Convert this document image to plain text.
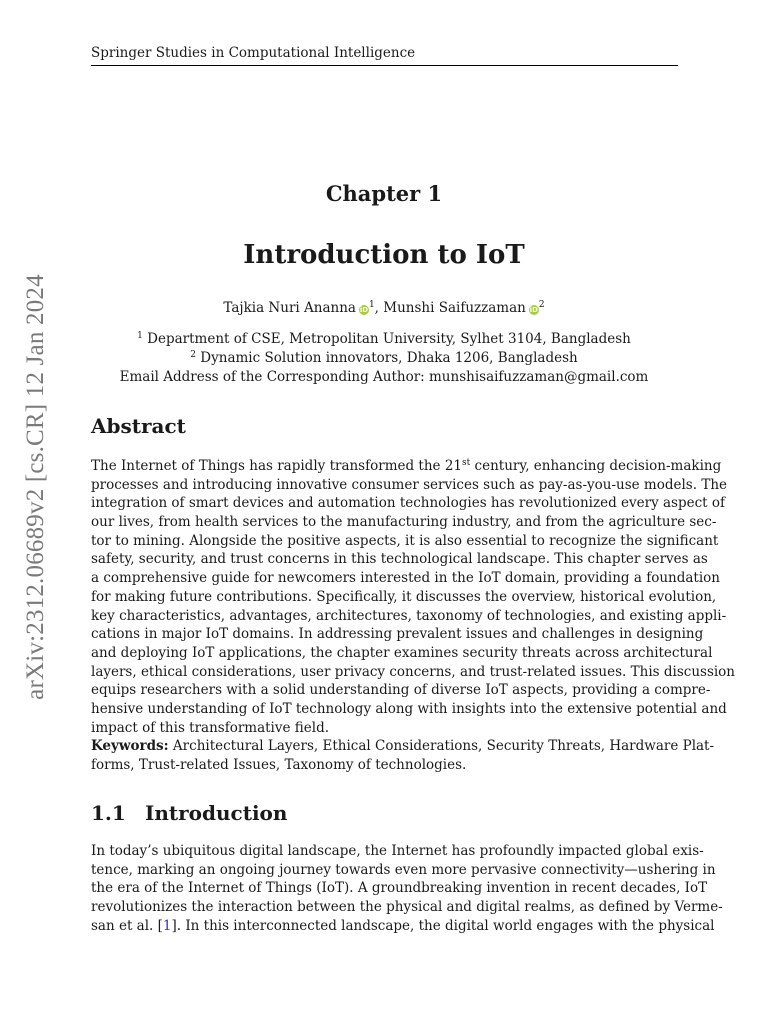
Springer Studies in Computational Intelligence
arXiv:2312.06689v2 [cs.CR] 12 Jan 2024
Chapter 1
Introduction to IoT
Tajkia Nuri Ananna $iD^1$, Munshi Saifuzzaman $iD^2$
$^1$ Department of CSE, Metropolitan University, Sylhet 3104, Bangladesh
$^2$ Dynamic Solution innovators, Dhaka 1206, Bangladesh
Email Address of the Corresponding Author: munshisaifuzzaman@gmail.com
Abstract
The Internet of Things has rapidly transformed the 21st century, enhancing decision-making
processes and introducing innovative consumer services such as pay-as-you-use models. The
integration of smart devices and automation technologies has revolutionized every aspect of
our lives, from health services to the manufacturing industry, and from the agriculture sec-
tor to mining. Alongside the positive aspects, it is also essential to recognize the significant
safety, security, and trust concerns in this technological landscape. This chapter serves as
a comprehensive guide for newcomers interested in the IoT domain, providing a foundation
for making future contributions. Specifically, it discusses the overview, historical evolution,
key characteristics, advantages, architectures, taxonomy of technologies, and existing appli-
cations in major IoT domains. In addressing prevalent issues and challenges in designing
and deploying IoT applications, the chapter examines security threats across architectural
layers, ethical considerations, user privacy concerns, and trust-related issues. This discussion
equips researchers with a solid understanding of diverse IoT aspects, providing a compre-
hensive understanding of IoT technology along with insights into the extensive potential and
impact of this transformative field.
Keywords: Architectural Layers, Ethical Considerations, Security Threats, Hardware Plat-
forms, Trust-related Issues, Taxonomy of technologies.
1.1 Introduction
In today’s ubiquitous digital landscape, the Internet has profoundly impacted global exis-
tence, marking an ongoing journey towards even more pervasive connectivity—ushering in
the era of the Internet of Things (IoT). A groundbreaking invention in recent decades, IoT
revolutionizes the interaction between the physical and digital realms, as defined by Verme-
san et al. [1]. In this interconnected landscape, the digital world engages with the physical
